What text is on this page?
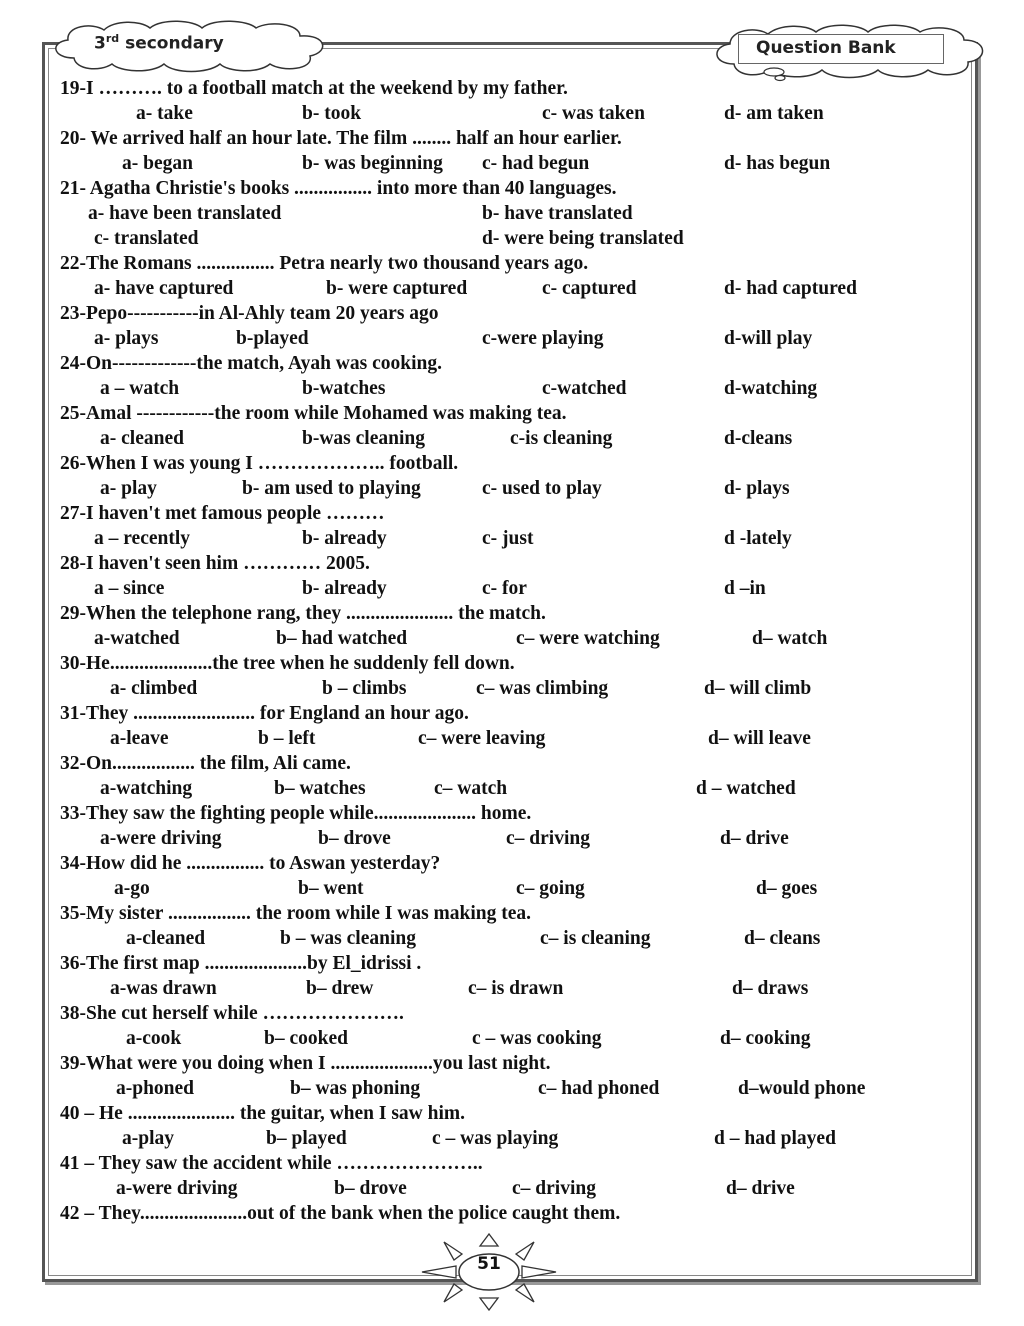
3rd secondary	Question Bank
19-I ………. to a football match at the weekend by my father.
a- take	b- took	c- was taken	d- am taken
20- We arrived half an hour late. The film ........ half an hour earlier.
a- began	b- was beginning c- had begun	d- has begun
21- Agatha Christie's books ................ into more than 40 languages.
a- have been translated	b- have translated
c- translated	d- were being translated
22-The Romans ................ Petra nearly two thousand years ago.
a- have captured	b- were captured	c- captured	d- had captured
23-Pepo-----------in Al-Ahly team 20 years ago
a- plays	b-played	c-were playing	d-will play
24-On-------------the match, Ayah was cooking.
a – watch	b-watches	c-watched	d-watching
25-Amal ------------the room while Mohamed was making tea.
a- cleaned	b-was cleaning	c-is cleaning	d-cleans
26-When I was young I ……………….. football.
a- play	b- am used to playing	c- used to play	d- plays
27-I haven't met famous people ………
a – recently	b- already	c- just	d -lately
28-I haven't seen him ………… 2005.
a – since	b- already	c- for	d –in
29-When the telephone rang, they ...................... the match.
a-watched	b– had watched	c– were watching	d– watch
30-He.....................the tree when he suddenly fell down.
a- climbed	b – climbs	c– was climbing	d– will climb
31-They ......................... for England an hour ago.
a-leave	b – left	c– were leaving	d– will leave
32-On................. the film, Ali came.
a-watching	b– watches	c– watch	d – watched
33-They saw the fighting people while..................... home.
a-were driving	b– drove	c– driving	d– drive
34-How did he ................ to Aswan yesterday?
a-go	b– went	c– going	d– goes
35-My sister ................. the room while I was making tea.
a-cleaned	b – was cleaning	c– is cleaning	d– cleans
36-The first map .....................by El_idrissi .
a-was drawn	b– drew	c– is drawn	d– draws
38-She cut herself while ………………….
a-cook	b– cooked	c – was cooking	d– cooking
39-What were you doing when I .....................you last night.
a-phoned	b– was phoning	c– had phoned	d–would phone
40 – He ...................... the guitar, when I saw him.
a-play	b– played	c – was playing	d – had played
41 – They saw the accident while …………………..
a-were driving	b– drove	c– driving	d– drive
42 – They......................out of the bank when the police caught them.
51
